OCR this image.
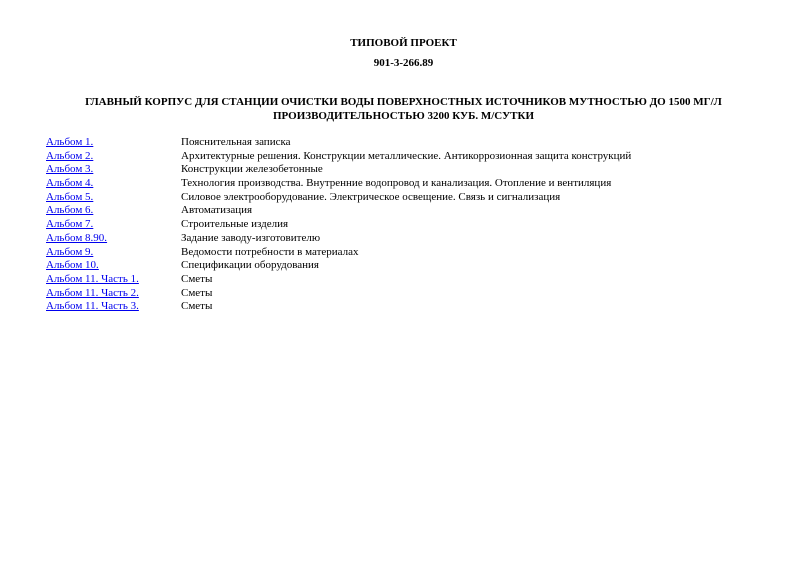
ТИПОВОЙ ПРОЕКТ
901-3-266.89
ГЛАВНЫЙ КОРПУС ДЛЯ СТАНЦИИ ОЧИСТКИ ВОДЫ ПОВЕРХНОСТНЫХ ИСТОЧНИКОВ МУТНОСТЬЮ ДО 1500 МГ/Л
ПРОИЗВОДИТЕЛЬНОСТЬЮ 3200 КУБ. М/СУТКИ
Альбом 1.	Пояснительная записка
Альбом 2.	Архитектурные решения. Конструкции металлические. Антикоррозионная защита конструкций
Альбом 3.	Конструкции железобетонные
Альбом 4.	Технология производства. Внутренние водопровод и канализация. Отопление и вентиляция
Альбом 5.	Силовое электрооборудование. Электрическое освещение. Связь и сигнализация
Альбом 6.	Автоматизация
Альбом 7.	Строительные изделия
Альбом 8.90.	Задание заводу-изготовителю
Альбом 9.	Ведомости потребности в материалах
Альбом 10.	Спецификации оборудования
Альбом 11. Часть 1.	Сметы
Альбом 11. Часть 2.	Сметы
Альбом 11. Часть 3.	Сметы
